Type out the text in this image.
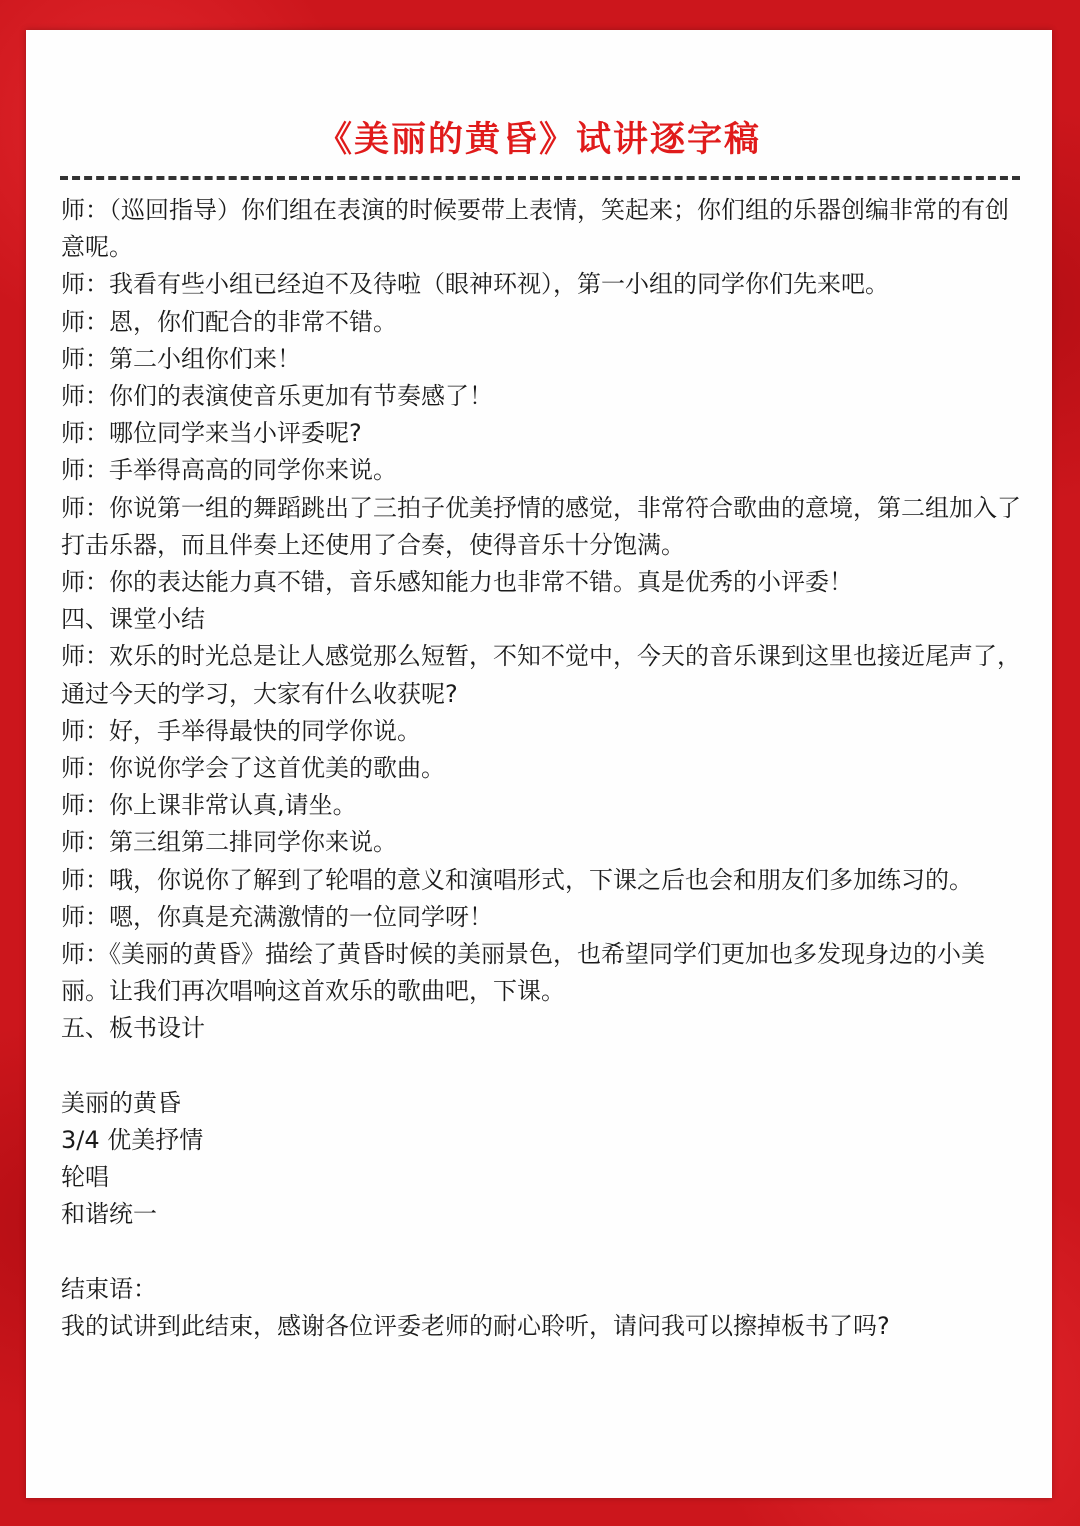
《美丽的黄昏》试讲逐字稿

师：（巡回指导）你们组在表演的时候要带上表情，笑起来；你们组的乐器创编非常的有创意呢。

师：我看有些小组已经迫不及待啦（眼神环视），第一小组的同学你们先来吧。

师：恩，你们配合的非常不错。

师：第二小组你们来！

师：你们的表演使音乐更加有节奏感了！

师：哪位同学来当小评委呢?

师：手举得高高的同学你来说。

师：你说第一组的舞蹈跳出了三拍子优美抒情的感觉，非常符合歌曲的意境，第二组加入了打击乐器，而且伴奏上还使用了合奏，使得音乐十分饱满。

师：你的表达能力真不错，音乐感知能力也非常不错。真是优秀的小评委！

四、课堂小结

师：欢乐的时光总是让人感觉那么短暂，不知不觉中，今天的音乐课到这里也接近尾声了，通过今天的学习，大家有什么收获呢?

师：好，手举得最快的同学你说。

师：你说你学会了这首优美的歌曲。

师：你上课非常认真,请坐。

师：第三组第二排同学你来说。

师：哦，你说你了解到了轮唱的意义和演唱形式，下课之后也会和朋友们多加练习的。

师：嗯，你真是充满激情的一位同学呀！

师：《美丽的黄昏》描绘了黄昏时候的美丽景色，也希望同学们更加也多发现身边的小美丽。让我们再次唱响这首欢乐的歌曲吧，下课。

五、板书设计

美丽的黄昏

3/4 优美抒情

轮唱

和谐统一

结束语：

我的试讲到此结束，感谢各位评委老师的耐心聆听，请问我可以擦掉板书了吗?
